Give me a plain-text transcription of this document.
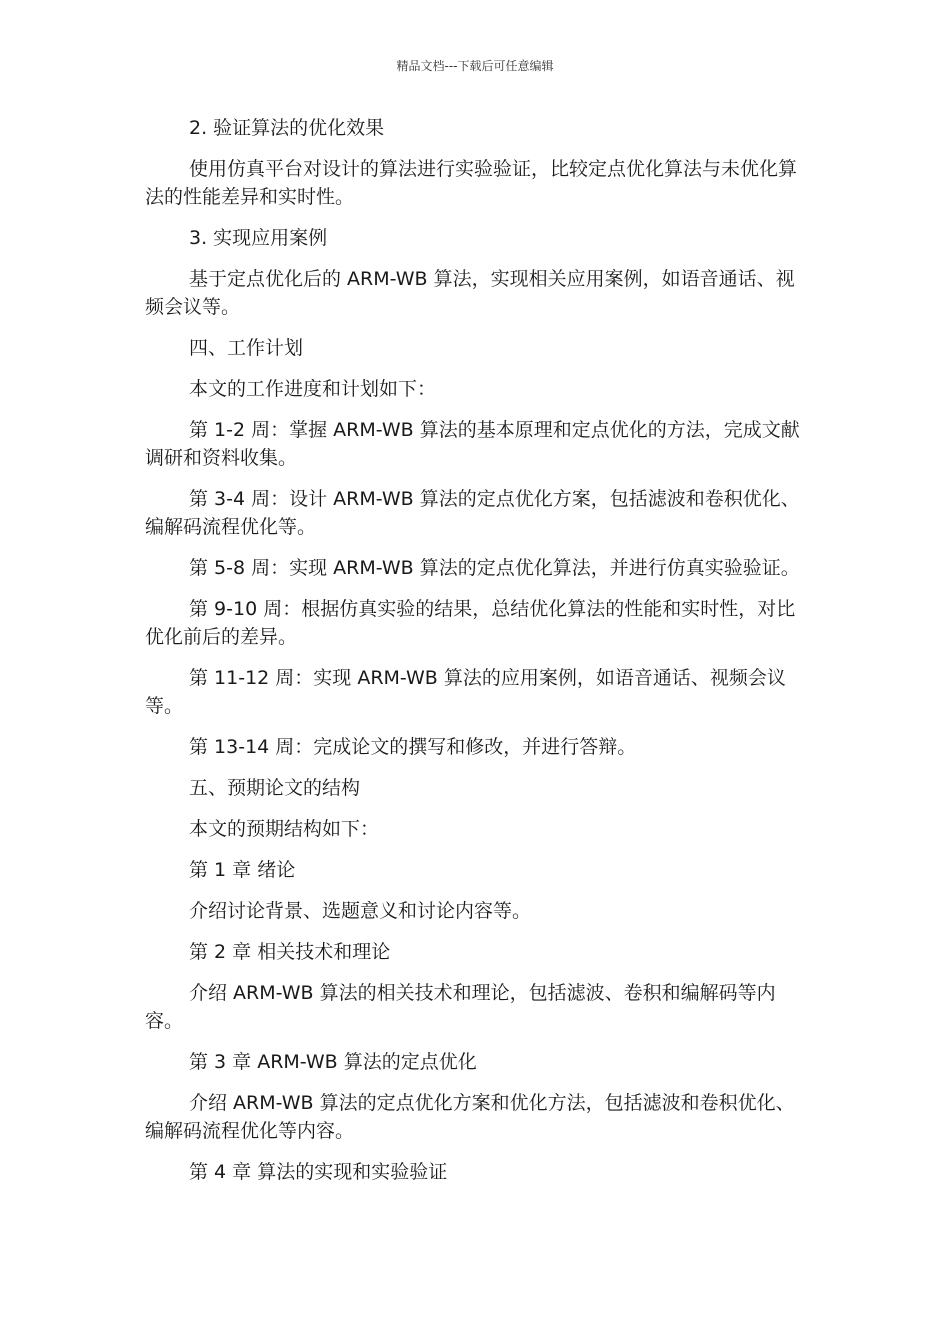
精品文档---下载后可任意编辑

2. 验证算法的优化效果

使用仿真平台对设计的算法进行实验验证，比较定点优化算法与未优化算法的性能差异和实时性。

3. 实现应用案例

基于定点优化后的 ARM-WB 算法，实现相关应用案例，如语音通话、视频会议等。

四、工作计划

本文的工作进度和计划如下：

第 1-2 周：掌握 ARM-WB 算法的基本原理和定点优化的方法，完成文献调研和资料收集。

第 3-4 周：设计 ARM-WB 算法的定点优化方案，包括滤波和卷积优化、编解码流程优化等。

第 5-8 周：实现 ARM-WB 算法的定点优化算法，并进行仿真实验验证。

第 9-10 周：根据仿真实验的结果，总结优化算法的性能和实时性，对比优化前后的差异。

第 11-12 周：实现 ARM-WB 算法的应用案例，如语音通话、视频会议等。

第 13-14 周：完成论文的撰写和修改，并进行答辩。

五、预期论文的结构

本文的预期结构如下：

第 1 章 绪论

介绍讨论背景、选题意义和讨论内容等。

第 2 章 相关技术和理论

介绍 ARM-WB 算法的相关技术和理论，包括滤波、卷积和编解码等内容。

第 3 章 ARM-WB 算法的定点优化

介绍 ARM-WB 算法的定点优化方案和优化方法，包括滤波和卷积优化、编解码流程优化等内容。

第 4 章 算法的实现和实验验证
